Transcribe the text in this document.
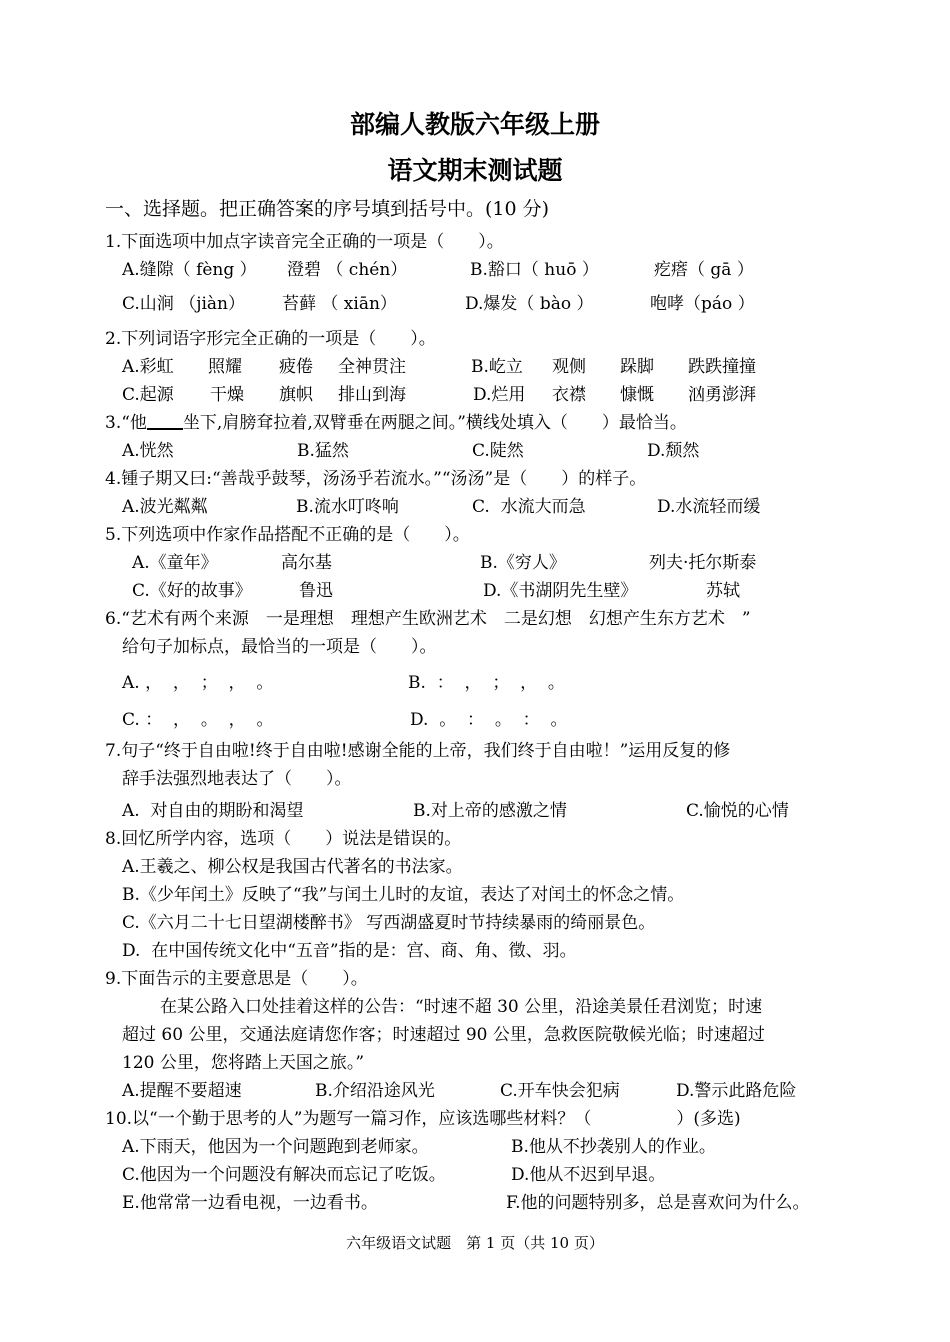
部编人教版六年级上册
语文期末测试题
一、选择题。把正确答案的序号填到括号中。(10 分)
1.下面选项中加点字读音完全正确的一项是（　　）。
A.缝隙（ fèng ） 澄碧 （ chén）	B.豁口（ huō ）	疙瘩（ gā ）
C.山涧 （jiàn） 苔藓 （ xiān）	D.爆发（ bào ）	咆哮（páo ）
2.下列词语字形完全正确的一项是（　　）。
A.彩虹 照耀 疲倦 全神贯注	B.屹立 观侧 跺脚 跌跌撞撞
C.起源 干燥 旗帜 排山到海	D.烂用 衣襟 慷慨 汹勇澎湃
3.“他 坐下,肩膀耷拉着,双臂垂在两腿之间。”横线处填入（　　）最恰当。
A.恍然	B.猛然	C.陡然	D.颓然
4.锺子期又曰:“善哉乎鼓琴，汤汤乎若流水。”“汤汤”是（　　）的样子。
A.波光粼粼	B.流水叮咚响	C.  水流大而急	D.水流轻而缓
5.下列选项中作家作品搭配不正确的是（　　）。
A.《童年》	高尔基	B.《穷人》	列夫·托尔斯泰
C.《好的故事》	鲁迅	D.《书湖阴先生壁》	苏轼
6.“艺术有两个来源　一是理想　理想产生欧洲艺术　二是幻想　幻想产生东方艺术　”
给句子加标点，最恰当的一项是（　　）。
A. ，  ，  ；  ，  。	B.  ：  ，  ；  ，  。
C. ：  ，  。  ，  。	D.  。  ：  。  ：  。
7.句子“终于自由啦!终于自由啦!感谢全能的上帝，我们终于自由啦！”运用反复的修
辞手法强烈地表达了（　　）。
A.  对自由的期盼和渴望	B.对上帝的感激之情	C.愉悦的心情
8.回忆所学内容，选项（　　）说法是错误的。
A.王羲之、柳公权是我国古代著名的书法家。
B.《少年闰土》反映了“我”与闰土儿时的友谊，表达了对闰土的怀念之情。
C.《六月二十七日望湖楼醉书》 写西湖盛夏时节持续暴雨的绮丽景色。
D.  在中国传统文化中“五音”指的是：宫、商、角、徵、羽。
9.下面告示的主要意思是（　　）。
在某公路入口处挂着这样的公告：“时速不超 30 公里，沿途美景任君浏览；时速
超过 60 公里，交通法庭请您作客；时速超过 90 公里，急救医院敬候光临；时速超过
120 公里，您将踏上天国之旅。”
A.提醒不要超速	B.介绍沿途风光	C.开车快会犯病	D.警示此路危险
10.以“一个勤于思考的人”为题写一篇习作，应该选哪些材料？（　　　　　）(多选)
A.下雨天，他因为一个问题跑到老师家。	B.他从不抄袭别人的作业。
C.他因为一个问题没有解决而忘记了吃饭。	D.他从不迟到早退。
E.他常常一边看电视，一边看书。	F.他的问题特别多，总是喜欢问为什么。
六年级语文试题　第 1 页（共 10 页）
